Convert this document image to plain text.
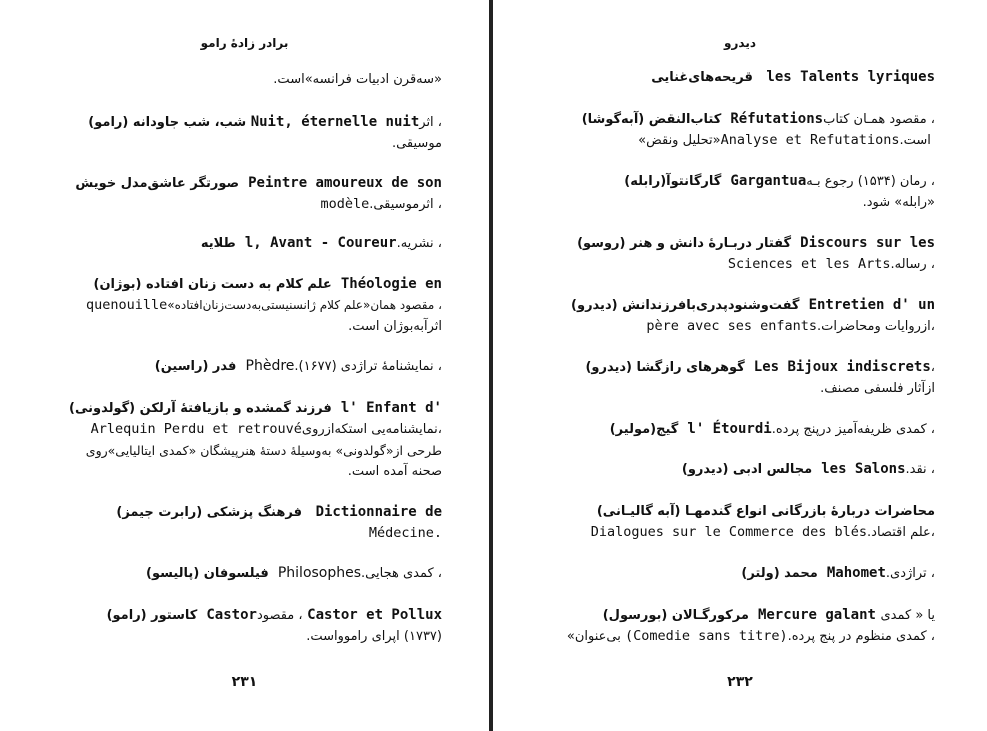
برادر زادۀ رامو
«سه‌قرن ادبیات فرانسه»است.
شب، شب جاودانه (رامو) Nuit, éternelle nuit، اثر
موسیقی.
صورتگر عاشق‌مدل خویش Peintre amoureux de son
modèle، اثرموسیقی.
طلایه l, Avant - Coureur، نشریه.
علم کلام به دست زنان افتاده (بوژان) Théologie en
quenouille، مقصود همان«علم کلام ژانسنیستی‌به‌دست‌زنان‌افتاده»
اثرآبه‌بوژان است.
فدر (راسین) Phèdre، نمایشنامۀ تراژدی (۱۶۷۷).
فرزند گمشده و بازیافتۀ آرلکن (گولدونی) l' Enfant d'
Arlequin Perdu et retrouvé،نمایشنامه‌یی استکه‌ازروی
طرحی از«گولدونی» به‌وسیلۀ دستۀ هنرپیشگان «کمدی ایتالیایی»روی
صحنه آمده است.
فرهنگ پزشکی (رابرت جیمز) Dictionnaire de
Médecine.
فیلسوفان (پالیسو) Philosophes، کمدی هجایی.
کاستور (رامو) Castor، مقصود Castor et Pollux
(۱۷۳۷) اپرای راموواست.
۲۳۱
دیدرو
قریحه‌های‌غنایی les Talents lyriques
کتاب‌النقض (آبه‌گوشا) Réfutations، مقصود همـان کتاب
«تحلیل ونقض»Analyse et Refutations است.
گارگانتوآ(رابله) Gargantua، رمان (۱۵۳۴) رجوع بـه
«رابله» شود.
گفتار دربـارۀ دانش و هنر (روسو) Discours sur les
Sciences et les Arts، رساله.
گفت‌وشنودپدری‌بافرزندانش (دیدرو) Entretien d' un
père avec ses enfants،ازروایات ومحاضرات.
گوهرهای رازگشا (دیدرو) Les Bijoux indiscrets،
ازآثار فلسفی مصنف.
گیج(مولیر) l' Étourdi، کمدی ظریفه‌آمیز درپنج پرده.
مجالس ادبی (دیدرو) les Salons، نقد.
محاضرات دربارۀ بازرگانی انواع گندمهـا (آبه گالیـانی)
Dialogues sur le Commerce des blés،علم اقتصاد.
محمد (ولتر) Mahomet، تراژدی.
مرکورگـالان (بورسول) Mercure galant یا « کمدی
بی‌عنوان» (Comedie sans titre)، کمدی منظوم در پنج پرده.
۲۳۲
